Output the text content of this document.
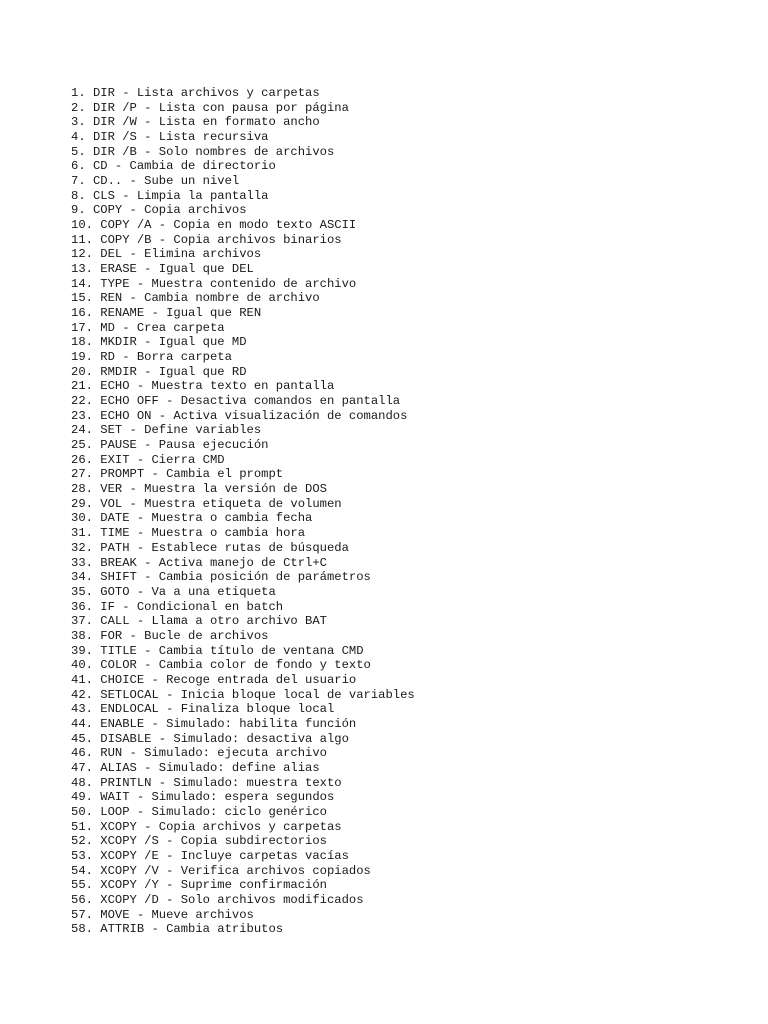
1. DIR - Lista archivos y carpetas
2. DIR /P - Lista con pausa por página
3. DIR /W - Lista en formato ancho
4. DIR /S - Lista recursiva
5. DIR /B - Solo nombres de archivos
6. CD - Cambia de directorio
7. CD.. - Sube un nivel
8. CLS - Limpia la pantalla
9. COPY - Copia archivos
10. COPY /A - Copia en modo texto ASCII
11. COPY /B - Copia archivos binarios
12. DEL - Elimina archivos
13. ERASE - Igual que DEL
14. TYPE - Muestra contenido de archivo
15. REN - Cambia nombre de archivo
16. RENAME - Igual que REN
17. MD - Crea carpeta
18. MKDIR - Igual que MD
19. RD - Borra carpeta
20. RMDIR - Igual que RD
21. ECHO - Muestra texto en pantalla
22. ECHO OFF - Desactiva comandos en pantalla
23. ECHO ON - Activa visualización de comandos
24. SET - Define variables
25. PAUSE - Pausa ejecución
26. EXIT - Cierra CMD
27. PROMPT - Cambia el prompt
28. VER - Muestra la versión de DOS
29. VOL - Muestra etiqueta de volumen
30. DATE - Muestra o cambia fecha
31. TIME - Muestra o cambia hora
32. PATH - Establece rutas de búsqueda
33. BREAK - Activa manejo de Ctrl+C
34. SHIFT - Cambia posición de parámetros
35. GOTO - Va a una etiqueta
36. IF - Condicional en batch
37. CALL - Llama a otro archivo BAT
38. FOR - Bucle de archivos
39. TITLE - Cambia título de ventana CMD
40. COLOR - Cambia color de fondo y texto
41. CHOICE - Recoge entrada del usuario
42. SETLOCAL - Inicia bloque local de variables
43. ENDLOCAL - Finaliza bloque local
44. ENABLE - Simulado: habilita función
45. DISABLE - Simulado: desactiva algo
46. RUN - Simulado: ejecuta archivo
47. ALIAS - Simulado: define alias
48. PRINTLN - Simulado: muestra texto
49. WAIT - Simulado: espera segundos
50. LOOP - Simulado: ciclo genérico
51. XCOPY - Copia archivos y carpetas
52. XCOPY /S - Copia subdirectorios
53. XCOPY /E - Incluye carpetas vacías
54. XCOPY /V - Verifica archivos copiados
55. XCOPY /Y - Suprime confirmación
56. XCOPY /D - Solo archivos modificados
57. MOVE - Mueve archivos
58. ATTRIB - Cambia atributos
